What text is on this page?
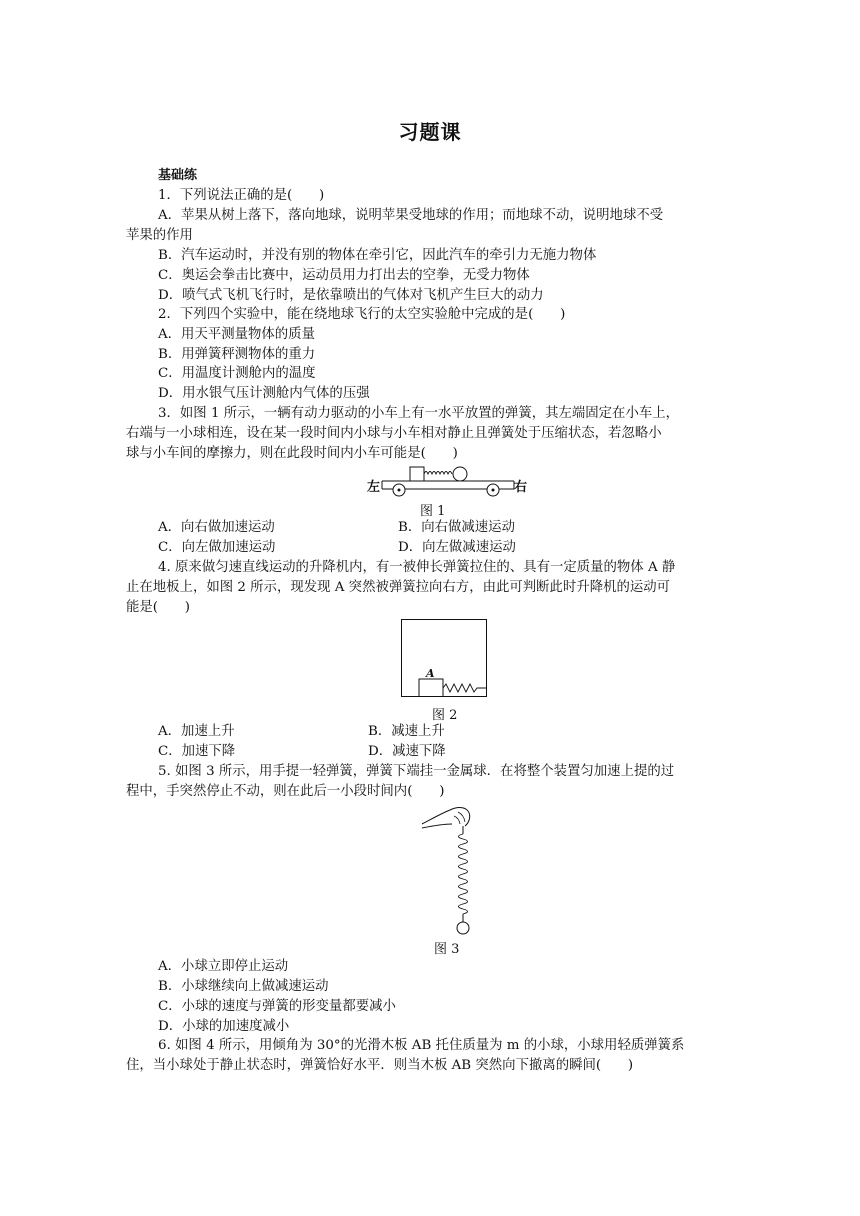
习题课
基础练
1．下列说法正确的是(　　)
A．苹果从树上落下，落向地球，说明苹果受地球的作用；而地球不动，说明地球不受
苹果的作用
B．汽车运动时，并没有别的物体在牵引它，因此汽车的牵引力无施力物体
C．奥运会拳击比赛中，运动员用力打出去的空拳，无受力物体
D．喷气式飞机飞行时，是依靠喷出的气体对飞机产生巨大的动力
2．下列四个实验中，能在绕地球飞行的太空实验舱中完成的是(　　)
A．用天平测量物体的质量
B．用弹簧秤测物体的重力
C．用温度计测舱内的温度
D．用水银气压计测舱内气体的压强
3．如图 1 所示，一辆有动力驱动的小车上有一水平放置的弹簧，其左端固定在小车上，
右端与一小球相连，设在某一段时间内小球与小车相对静止且弹簧处于压缩状态，若忽略小
球与小车间的摩擦力，则在此段时间内小车可能是(　　)
左	右
图 1
A．向右做加速运动	B．向右做减速运动
C．向左做加速运动	D．向左做减速运动
4. 原来做匀速直线运动的升降机内，有一被伸长弹簧拉住的、具有一定质量的物体 A 静
止在地板上，如图 2 所示，现发现 A 突然被弹簧拉向右方，由此可判断此时升降机的运动可
能是(　　)
A
图 2
A．加速上升	B．减速上升
C．加速下降	D．减速下降
5. 如图 3 所示，用手提一轻弹簧，弹簧下端挂一金属球．在将整个装置匀加速上提的过
程中，手突然停止不动，则在此后一小段时间内(　　)
图 3
A．小球立即停止运动
B．小球继续向上做减速运动
C．小球的速度与弹簧的形变量都要减小
D．小球的加速度减小
6. 如图 4 所示，用倾角为 30°的光滑木板 AB 托住质量为 m 的小球，小球用轻质弹簧系
住，当小球处于静止状态时，弹簧恰好水平．则当木板 AB 突然向下撤离的瞬间(　　)
